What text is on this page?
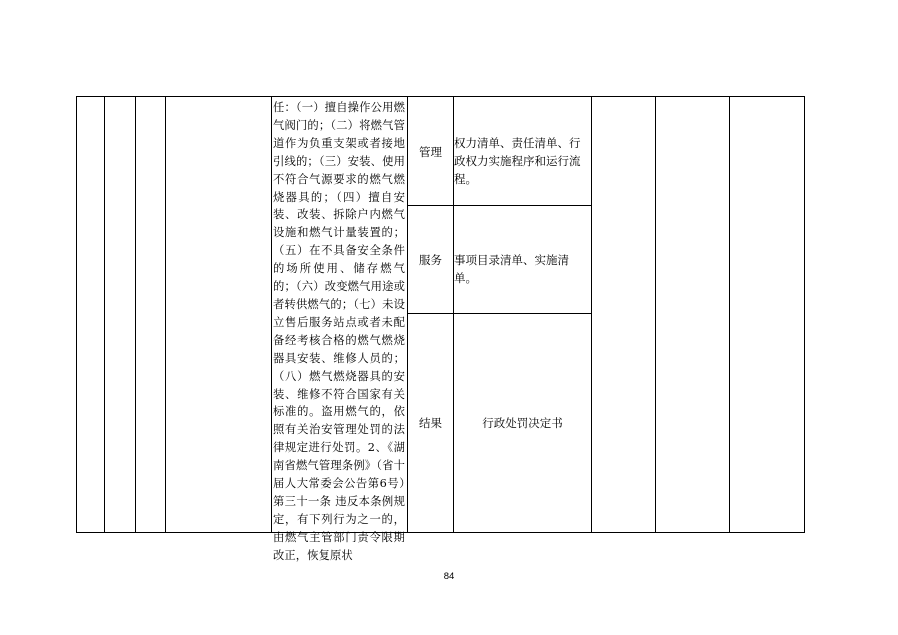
任：（一）擅自操作公用燃气阀门的；（二）将燃气管道作为负重支架或者接地引线的；（三）安装、使用不符合气源要求的燃气燃烧器具的；（四）擅自安装、改装、拆除户内燃气设施和燃气计量装置的；（五）在不具备安全条件的场所使用、储存燃气的；（六）改变燃气用途或者转供燃气的；（七）未设立售后服务站点或者未配备经考核合格的燃气燃烧器具安装、维修人员的；（八）燃气燃烧器具的安装、维修不符合国家有关标准的。盗用燃气的，依照有关治安管理处罚的法律规定进行处罚。2、《湖南省燃气管理条例》（省十届人大常委会公告第6号）第三十一条 违反本条例规定，有下列行为之一的，由燃气主管部门责令限期改正，恢复原状
管理
权力清单、责任清单、行政权力实施程序和运行流程。
服务	事项目录清单、实施清单。
结果	行政处罚决定书
84
